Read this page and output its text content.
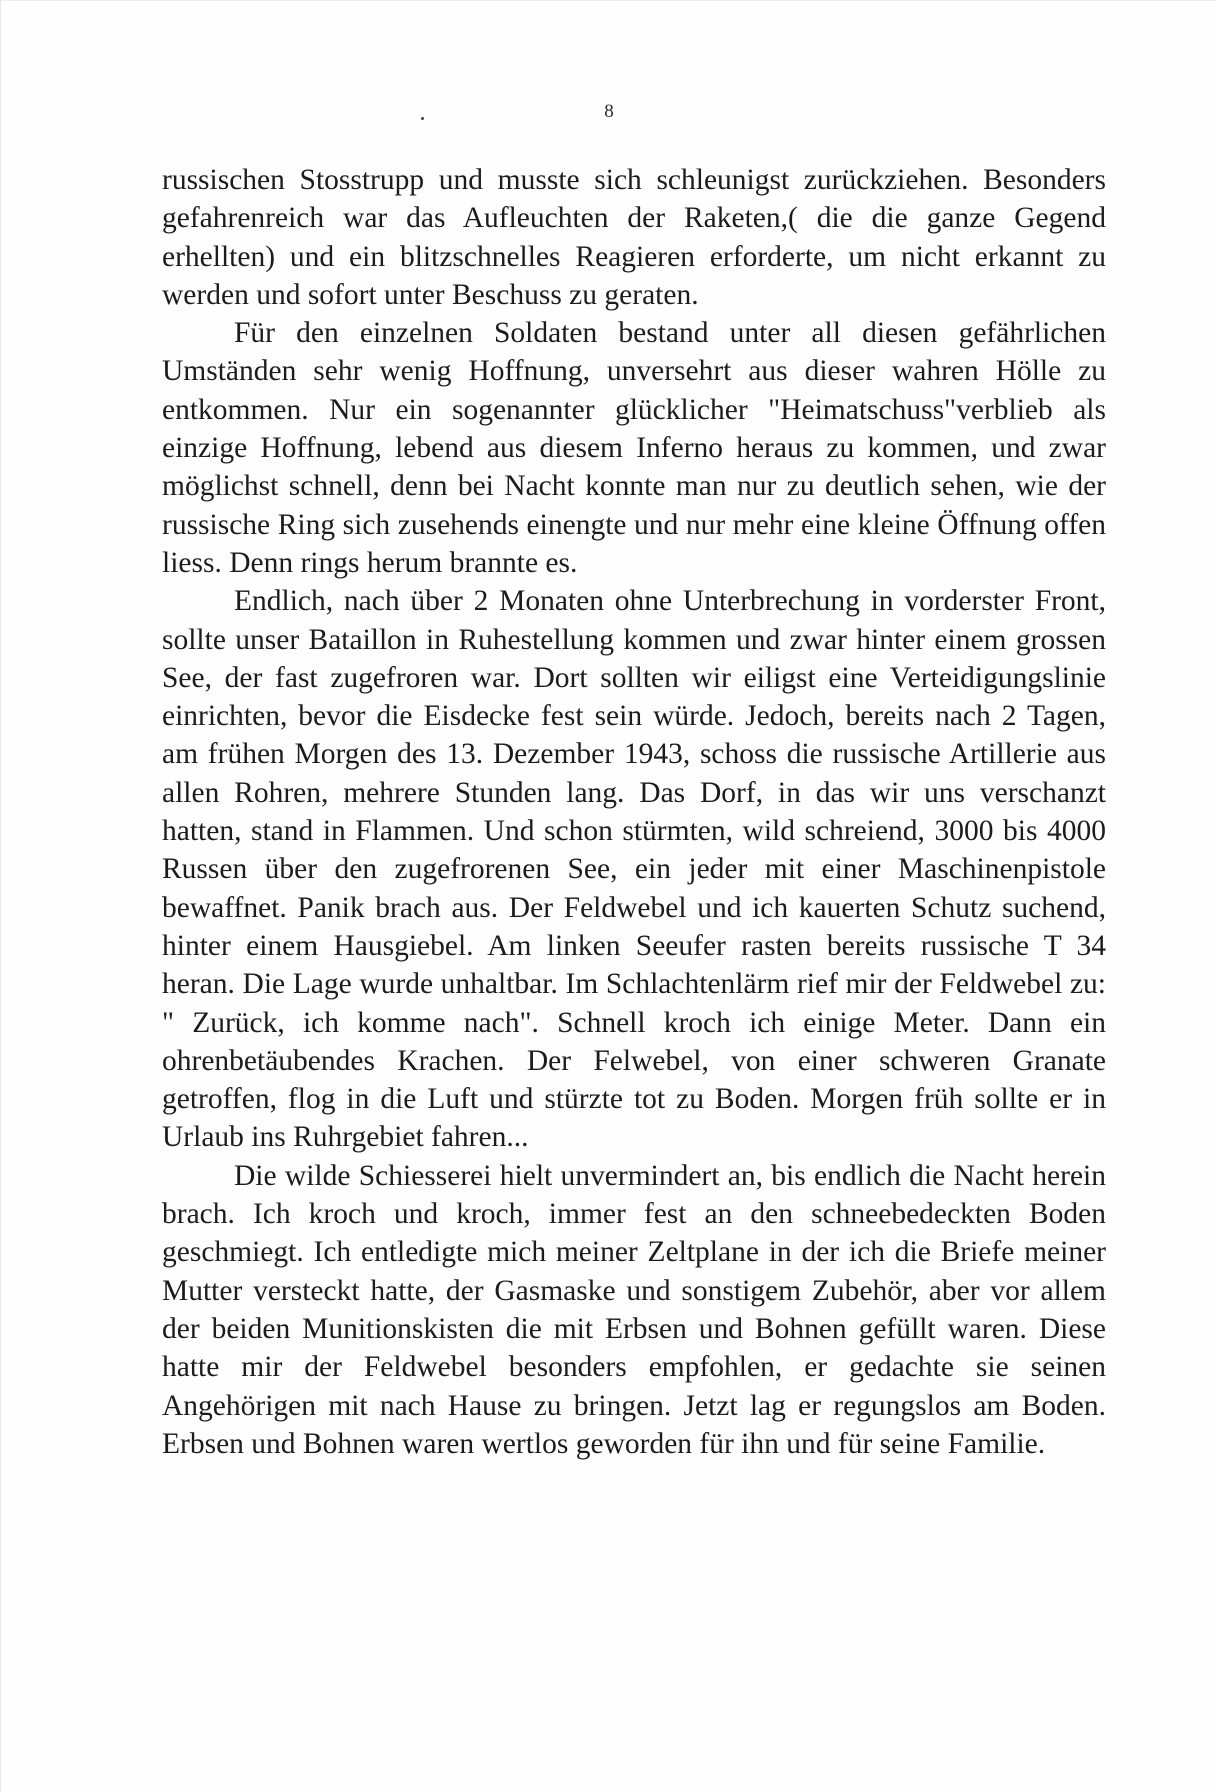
8

russischen Stosstrupp und musste sich schleunigst zurückziehen. Besonders gefahrenreich war das Aufleuchten der Raketen,( die die ganze Gegend erhellten) und ein blitzschnelles Reagieren erforderte, um nicht erkannt zu werden und sofort unter Beschuss zu geraten.

Für den einzelnen Soldaten bestand unter all diesen gefährlichen Umständen sehr wenig Hoffnung, unversehrt aus dieser wahren Hölle zu entkommen. Nur ein sogenannter glücklicher "Heimatschuss"verblieb als einzige Hoffnung, lebend aus diesem Inferno heraus zu kommen, und zwar möglichst schnell, denn bei Nacht konnte man nur zu deutlich sehen, wie der russische Ring sich zusehends einengte und nur mehr eine kleine Öffnung offen liess. Denn rings herum brannte es.

Endlich, nach über 2 Monaten ohne Unterbrechung in vorderster Front, sollte unser Bataillon in Ruhestellung kommen und zwar hinter einem grossen See, der fast zugefroren war. Dort sollten wir eiligst eine Verteidigungslinie einrichten, bevor die Eisdecke fest sein würde. Jedoch, bereits nach 2 Tagen, am frühen Morgen des 13. Dezember 1943, schoss die russische Artillerie aus allen Rohren, mehrere Stunden lang. Das Dorf, in das wir uns verschanzt hatten, stand in Flammen. Und schon stürmten, wild schreiend, 3000 bis 4000 Russen über den zugefrorenen See, ein jeder mit einer Maschinenpistole bewaffnet. Panik brach aus. Der Feldwebel und ich kauerten Schutz suchend, hinter einem Hausgiebel. Am linken Seeufer rasten bereits russische T 34 heran. Die Lage wurde unhaltbar. Im Schlachtenlärm rief mir der Feldwebel zu: " Zurück, ich komme nach". Schnell kroch ich einige Meter. Dann ein ohrenbetäubendes Krachen. Der Felwebel, von einer schweren Granate getroffen, flog in die Luft und stürzte tot zu Boden. Morgen früh sollte er in Urlaub ins Ruhrgebiet fahren...

Die wilde Schiesserei hielt unvermindert an, bis endlich die Nacht herein brach. Ich kroch und kroch, immer fest an den schneebedeckten Boden geschmiegt. Ich entledigte mich meiner Zeltplane in der ich die Briefe meiner Mutter versteckt hatte, der Gasmaske und sonstigem Zubehör, aber vor allem der beiden Munitionskisten die mit Erbsen und Bohnen gefüllt waren. Diese hatte mir der Feldwebel besonders empfohlen, er gedachte sie seinen Angehörigen mit nach Hause zu bringen. Jetzt lag er regungslos am Boden. Erbsen und Bohnen waren wertlos geworden für ihn und für seine Familie.
